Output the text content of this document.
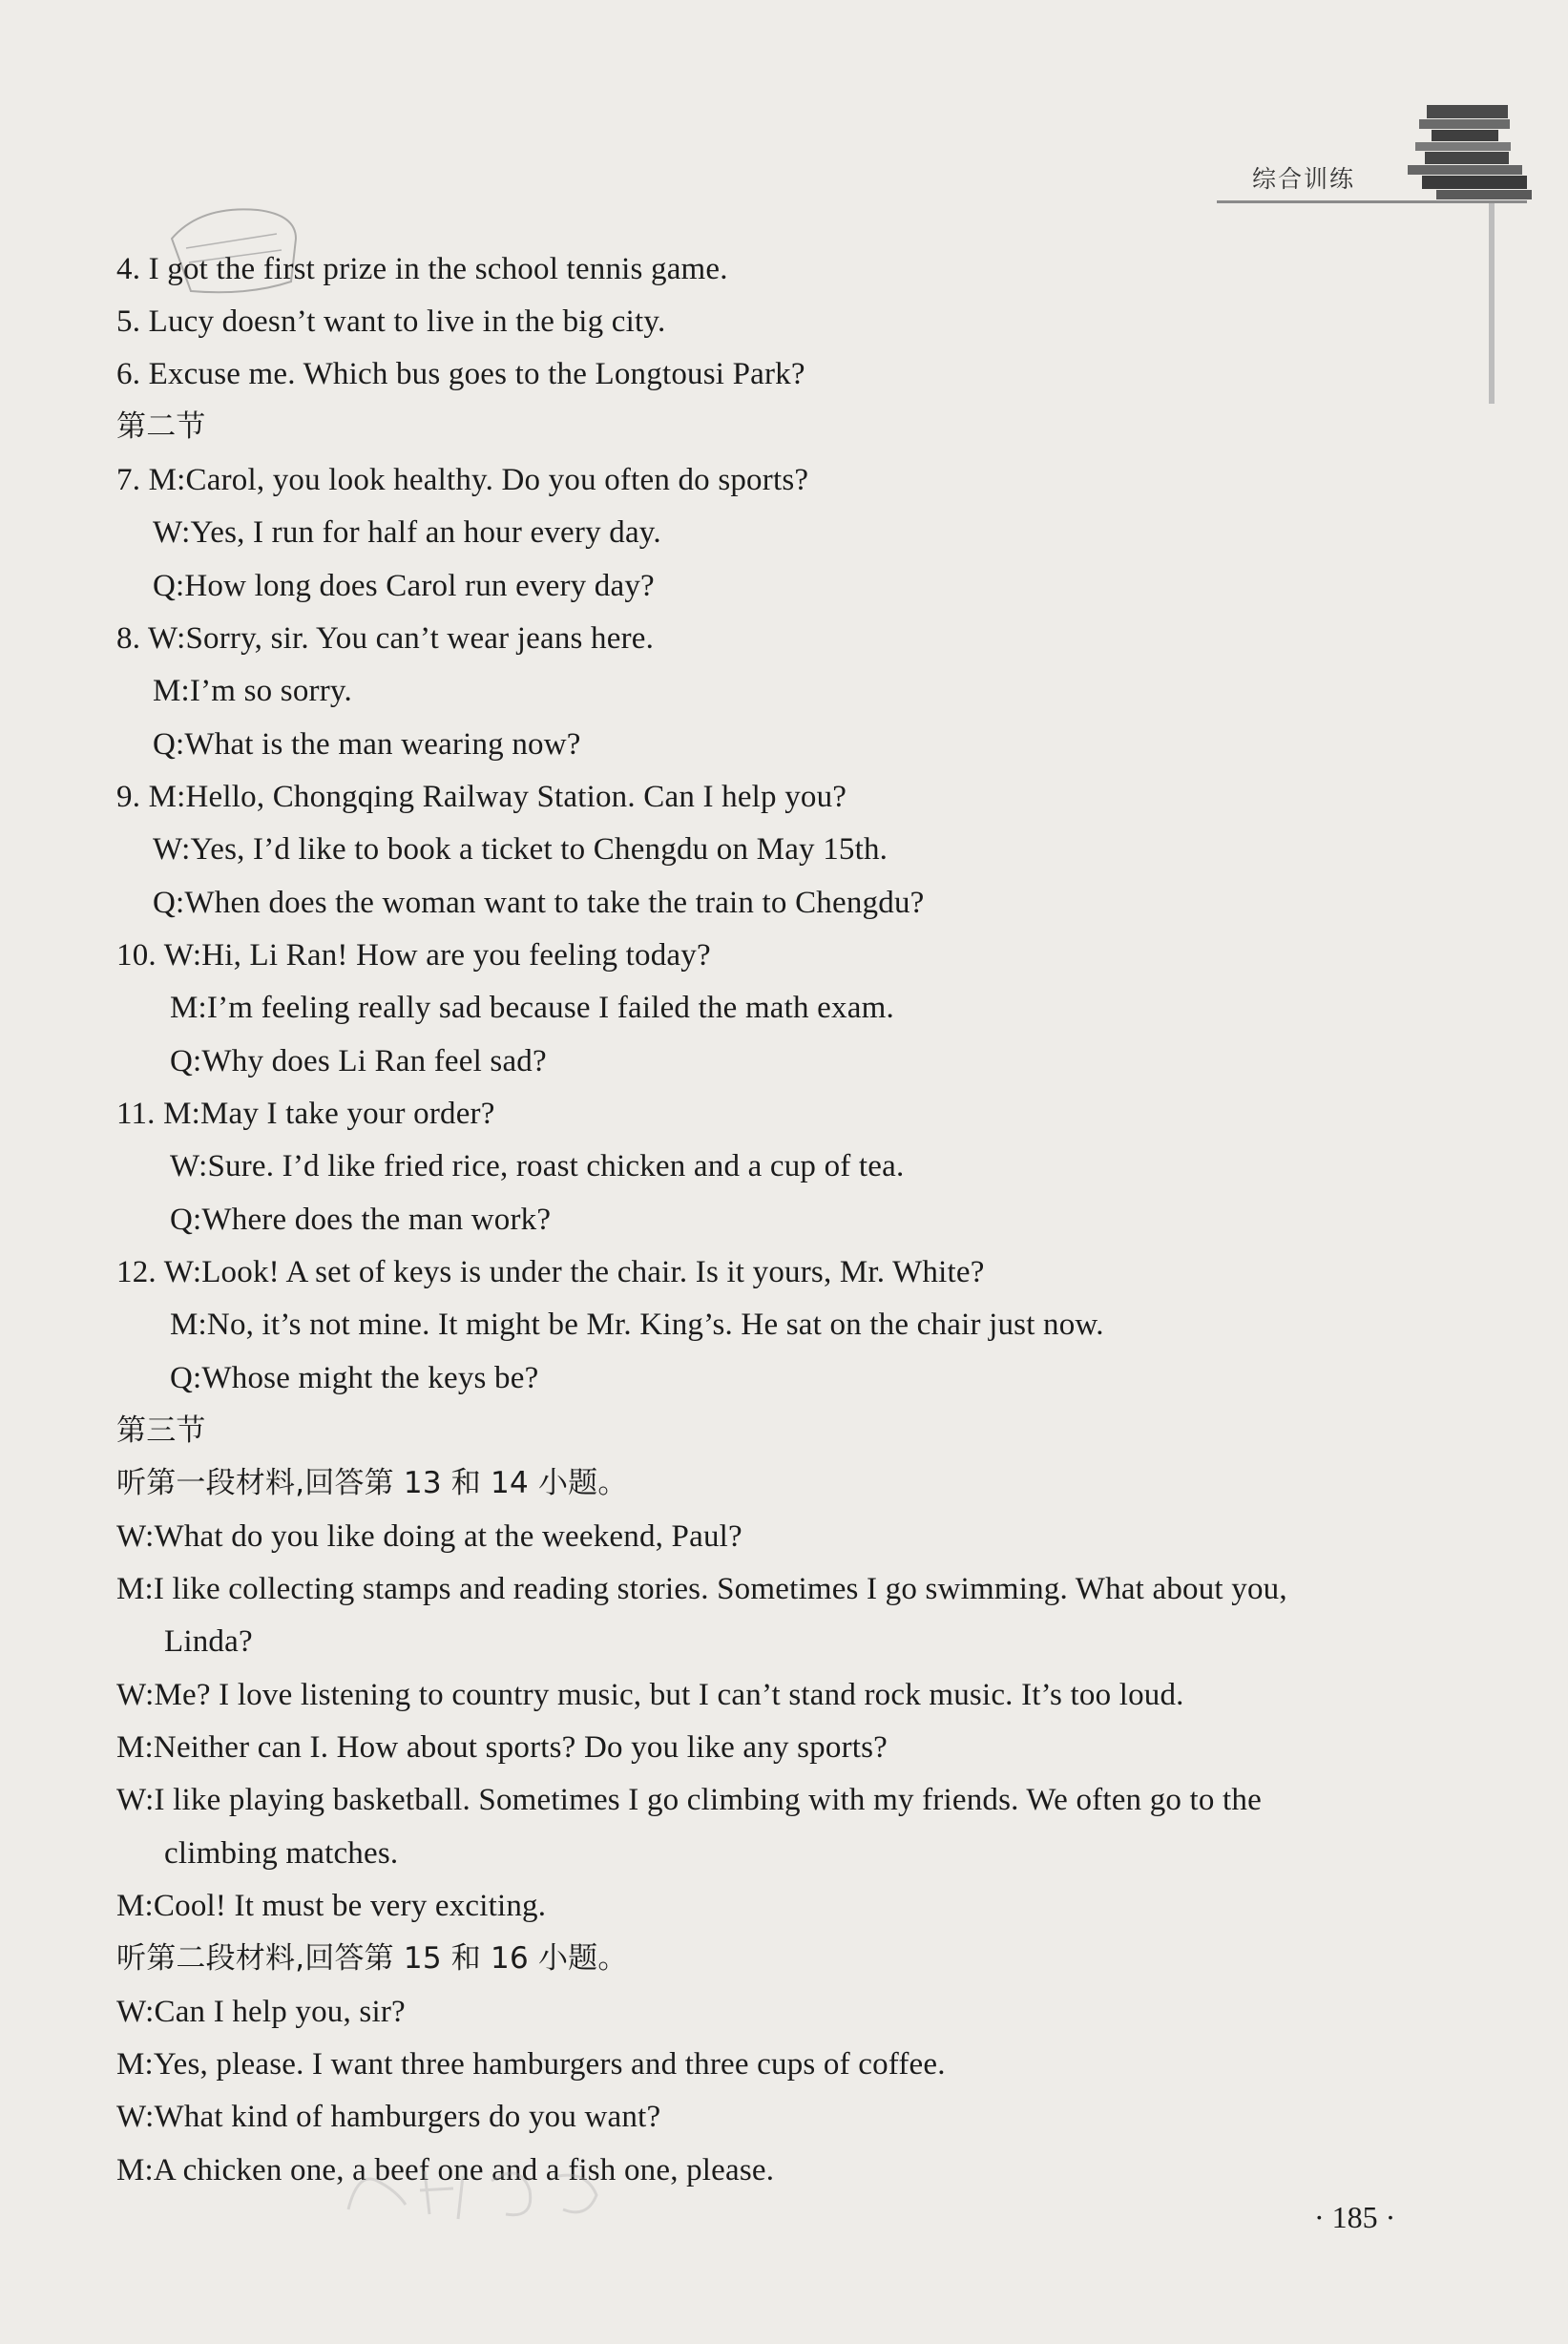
综合训练
4. I got the first prize in the school tennis game.
5. Lucy doesn’t want to live in the big city.
6. Excuse me. Which bus goes to the Longtousi Park?
第二节
7. M:Carol, you look healthy. Do you often do sports?
W:Yes, I run for half an hour every day.
Q:How long does Carol run every day?
8. W:Sorry, sir. You can’t wear jeans here.
M:I’m so sorry.
Q:What is the man wearing now?
9. M:Hello, Chongqing Railway Station. Can I help you?
W:Yes, I’d like to book a ticket to Chengdu on May 15th.
Q:When does the woman want to take the train to Chengdu?
10. W:Hi, Li Ran! How are you feeling today?
M:I’m feeling really sad because I failed the math exam.
Q:Why does Li Ran feel sad?
11. M:May I take your order?
W:Sure. I’d like fried rice, roast chicken and a cup of tea.
Q:Where does the man work?
12. W:Look! A set of keys is under the chair. Is it yours, Mr. White?
M:No, it’s not mine. It might be Mr. King’s. He sat on the chair just now.
Q:Whose might the keys be?
第三节
听第一段材料,回答第 13 和 14 小题。
W:What do you like doing at the weekend, Paul?
M:I like collecting stamps and reading stories. Sometimes I go swimming. What about you,
Linda?
W:Me? I love listening to country music, but I can’t stand rock music. It’s too loud.
M:Neither can I. How about sports? Do you like any sports?
W:I like playing basketball. Sometimes I go climbing with my friends. We often go to the
climbing matches.
M:Cool! It must be very exciting.
听第二段材料,回答第 15 和 16 小题。
W:Can I help you, sir?
M:Yes, please. I want three hamburgers and three cups of coffee.
W:What kind of hamburgers do you want?
M:A chicken one, a beef one and a fish one, please.
· 185 ·
